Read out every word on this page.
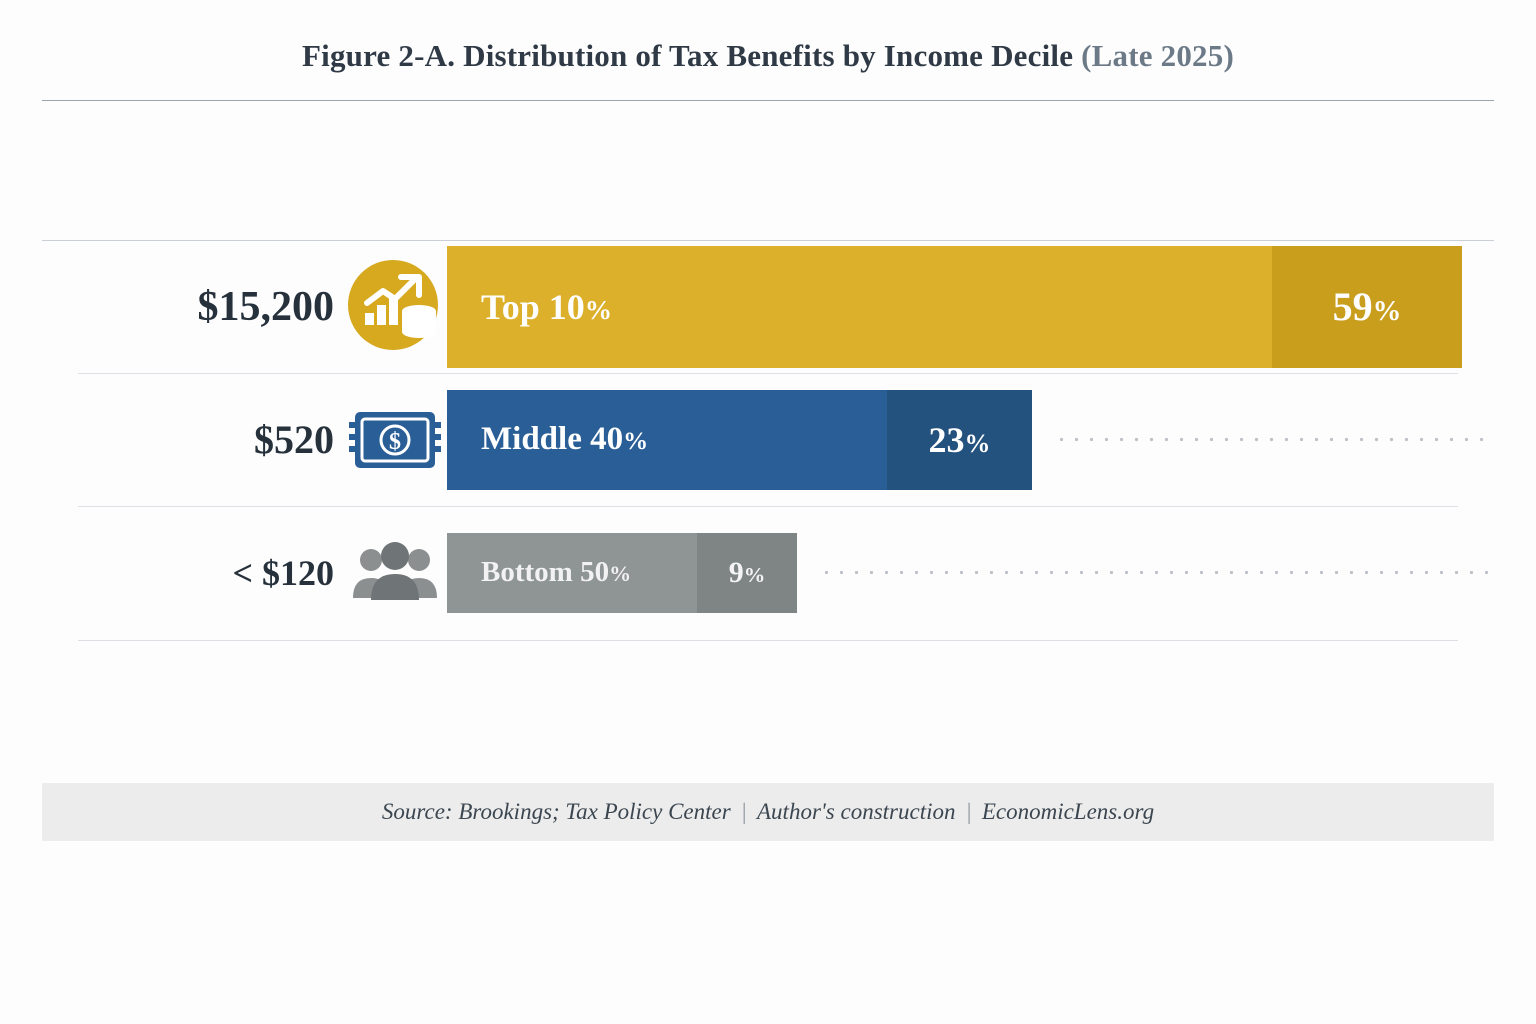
Figure 2-A. Distribution of Tax Benefits by Income Decile (Late 2025)
$15,200	Top 10%	59%
$520	$ Middle 40%	23%
< $120	Bottom 50%	9%
Source: Brookings; Tax Policy Center | Author's construction | EconomicLens.org
